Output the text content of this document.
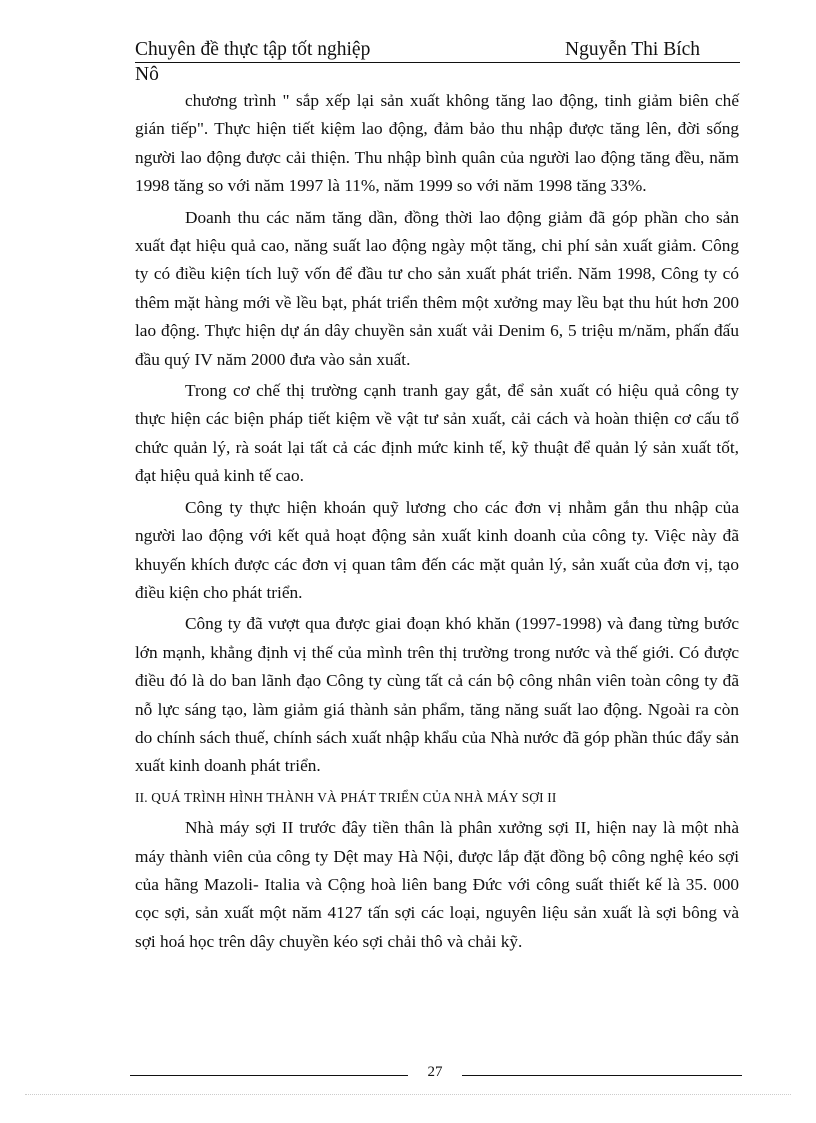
Chuyên đề thực tập tốt nghiệp	Nguyễn Thi Bích
Nô

chương trình " sắp xếp lại sản xuất không tăng lao động, tinh giảm biên chế gián tiếp". Thực hiện tiết kiệm lao động, đảm bảo thu nhập được tăng lên, đời sống người lao động được cải thiện. Thu nhập bình quân của người lao động tăng đều, năm 1998 tăng so với năm 1997 là 11%, năm 1999 so với năm 1998 tăng 33%.

Doanh thu các năm tăng dần, đồng thời lao động giảm đã góp phần cho sản xuất đạt hiệu quả cao, năng suất lao động ngày một tăng, chi phí sản xuất giảm. Công ty có điều kiện tích luỹ vốn để đầu tư cho sản xuất phát triển. Năm 1998, Công ty có thêm mặt hàng mới về lều bạt, phát triển thêm một xưởng may lều bạt thu hút hơn 200 lao động. Thực hiện dự án dây chuyền sản xuất vải Denim 6, 5 triệu m/năm, phấn đấu đầu quý IV năm 2000 đưa vào sản xuất.

Trong cơ chế thị trường cạnh tranh gay gắt, để sản xuất có hiệu quả công ty thực hiện các biện pháp tiết kiệm về vật tư sản xuất, cải cách và hoàn thiện cơ cấu tổ chức quản lý, rà soát lại tất cả các định mức kinh tế, kỹ thuật để quản lý sản xuất tốt, đạt hiệu quả kinh tế cao.

Công ty thực hiện khoán quỹ lương cho các đơn vị nhằm gắn thu nhập của người lao động với kết quả hoạt động sản xuất kinh doanh của công ty. Việc này đã khuyến khích được các đơn vị quan tâm đến các mặt quản lý, sản xuất của đơn vị, tạo điều kiện cho phát triển.

Công ty đã vượt qua được giai đoạn khó khăn (1997-1998) và đang từng bước lớn mạnh, khẳng định vị thế của mình trên thị trường trong nước và thế giới. Có được điều đó là do ban lãnh đạo Công ty cùng tất cả cán bộ công nhân viên toàn công ty đã nỗ lực sáng tạo, làm giảm giá thành sản phẩm, tăng năng suất lao động. Ngoài ra còn do chính sách thuế, chính sách xuất nhập khẩu của Nhà nước đã góp phần thúc đẩy sản xuất kinh doanh phát triển.

II. QUÁ TRÌNH HÌNH THÀNH VÀ PHÁT TRIỂN CỦA NHÀ MÁY SỢI II

Nhà máy sợi II trước đây tiền thân là phân xưởng sợi II, hiện nay là một nhà máy thành viên của công ty Dệt may Hà Nội, được lắp đặt đồng bộ công nghệ kéo sợi của hãng Mazoli- Italia và Cộng hoà liên bang Đức với công suất thiết kế là 35. 000 cọc sợi, sản xuất một năm 4127 tấn sợi các loại, nguyên liệu sản xuất là sợi bông và sợi hoá học trên dây chuyền kéo sợi chải thô và chải kỹ.

27
